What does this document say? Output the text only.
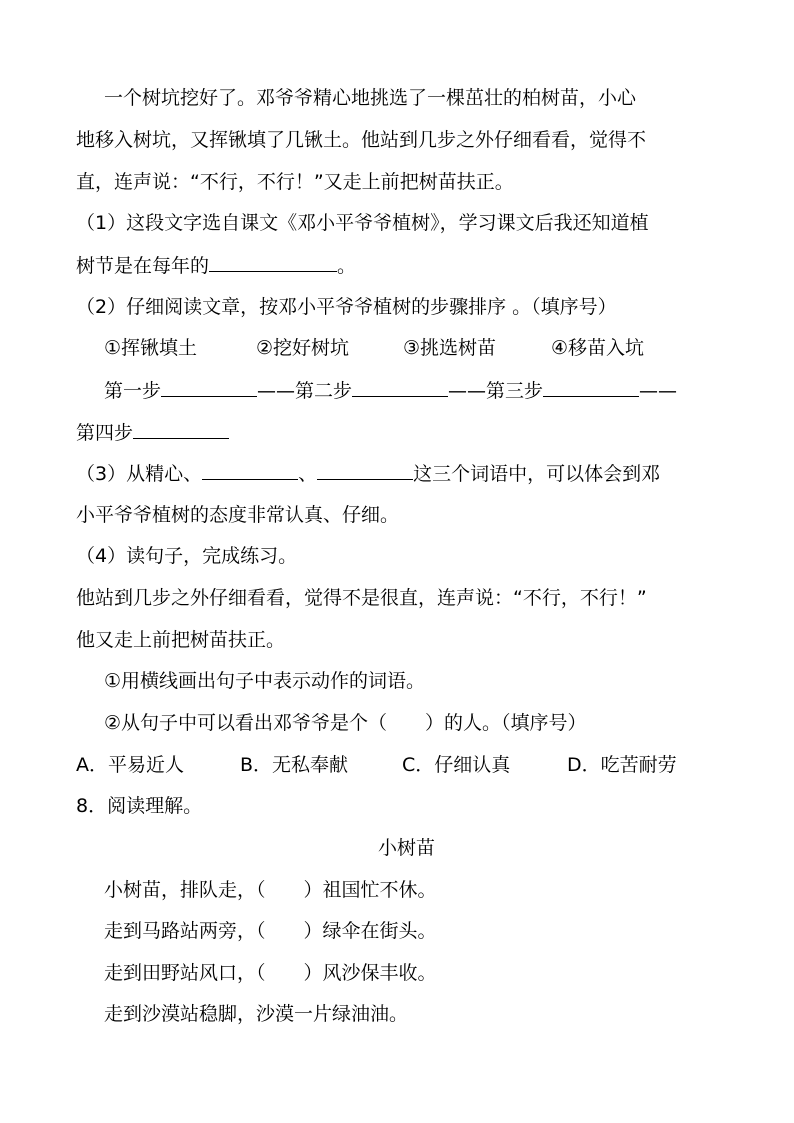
一个树坑挖好了。邓爷爷精心地挑选了一棵茁壮的柏树苗，小心
地移入树坑，又挥锹填了几锹土。他站到几步之外仔细看看，觉得不
直，连声说：“不行，不行！”又走上前把树苗扶正。
（1）这段文字选自课文《邓小平爷爷植树》，学习课文后我还知道植
树节是在每年的	。
（2）仔细阅读文章，按邓小平爷爷植树的步骤排序 。（填序号）
①挥锹填土	②挖好树坑	③挑选树苗	④移苗入坑
第一步	——第二步	——第三步	——
第四步
（3）从精心、	、	这三个词语中，可以体会到邓
小平爷爷植树的态度非常认真、仔细。
（4）读句子，完成练习。
他站到几步之外仔细看看，觉得不是很直，连声说：“不行，不行！”
他又走上前把树苗扶正。
①用横线画出句子中表示动作的词语。
②从句子中可以看出邓爷爷是个（　　）的人。（填序号）
A．平易近人	B．无私奉献	C．仔细认真	D．吃苦耐劳
8．阅读理解。
小树苗
小树苗，排队走，（　　）祖国忙不休。
走到马路站两旁，（　　）绿伞在街头。
走到田野站风口，（　　）风沙保丰收。
走到沙漠站稳脚，沙漠一片绿油油。
